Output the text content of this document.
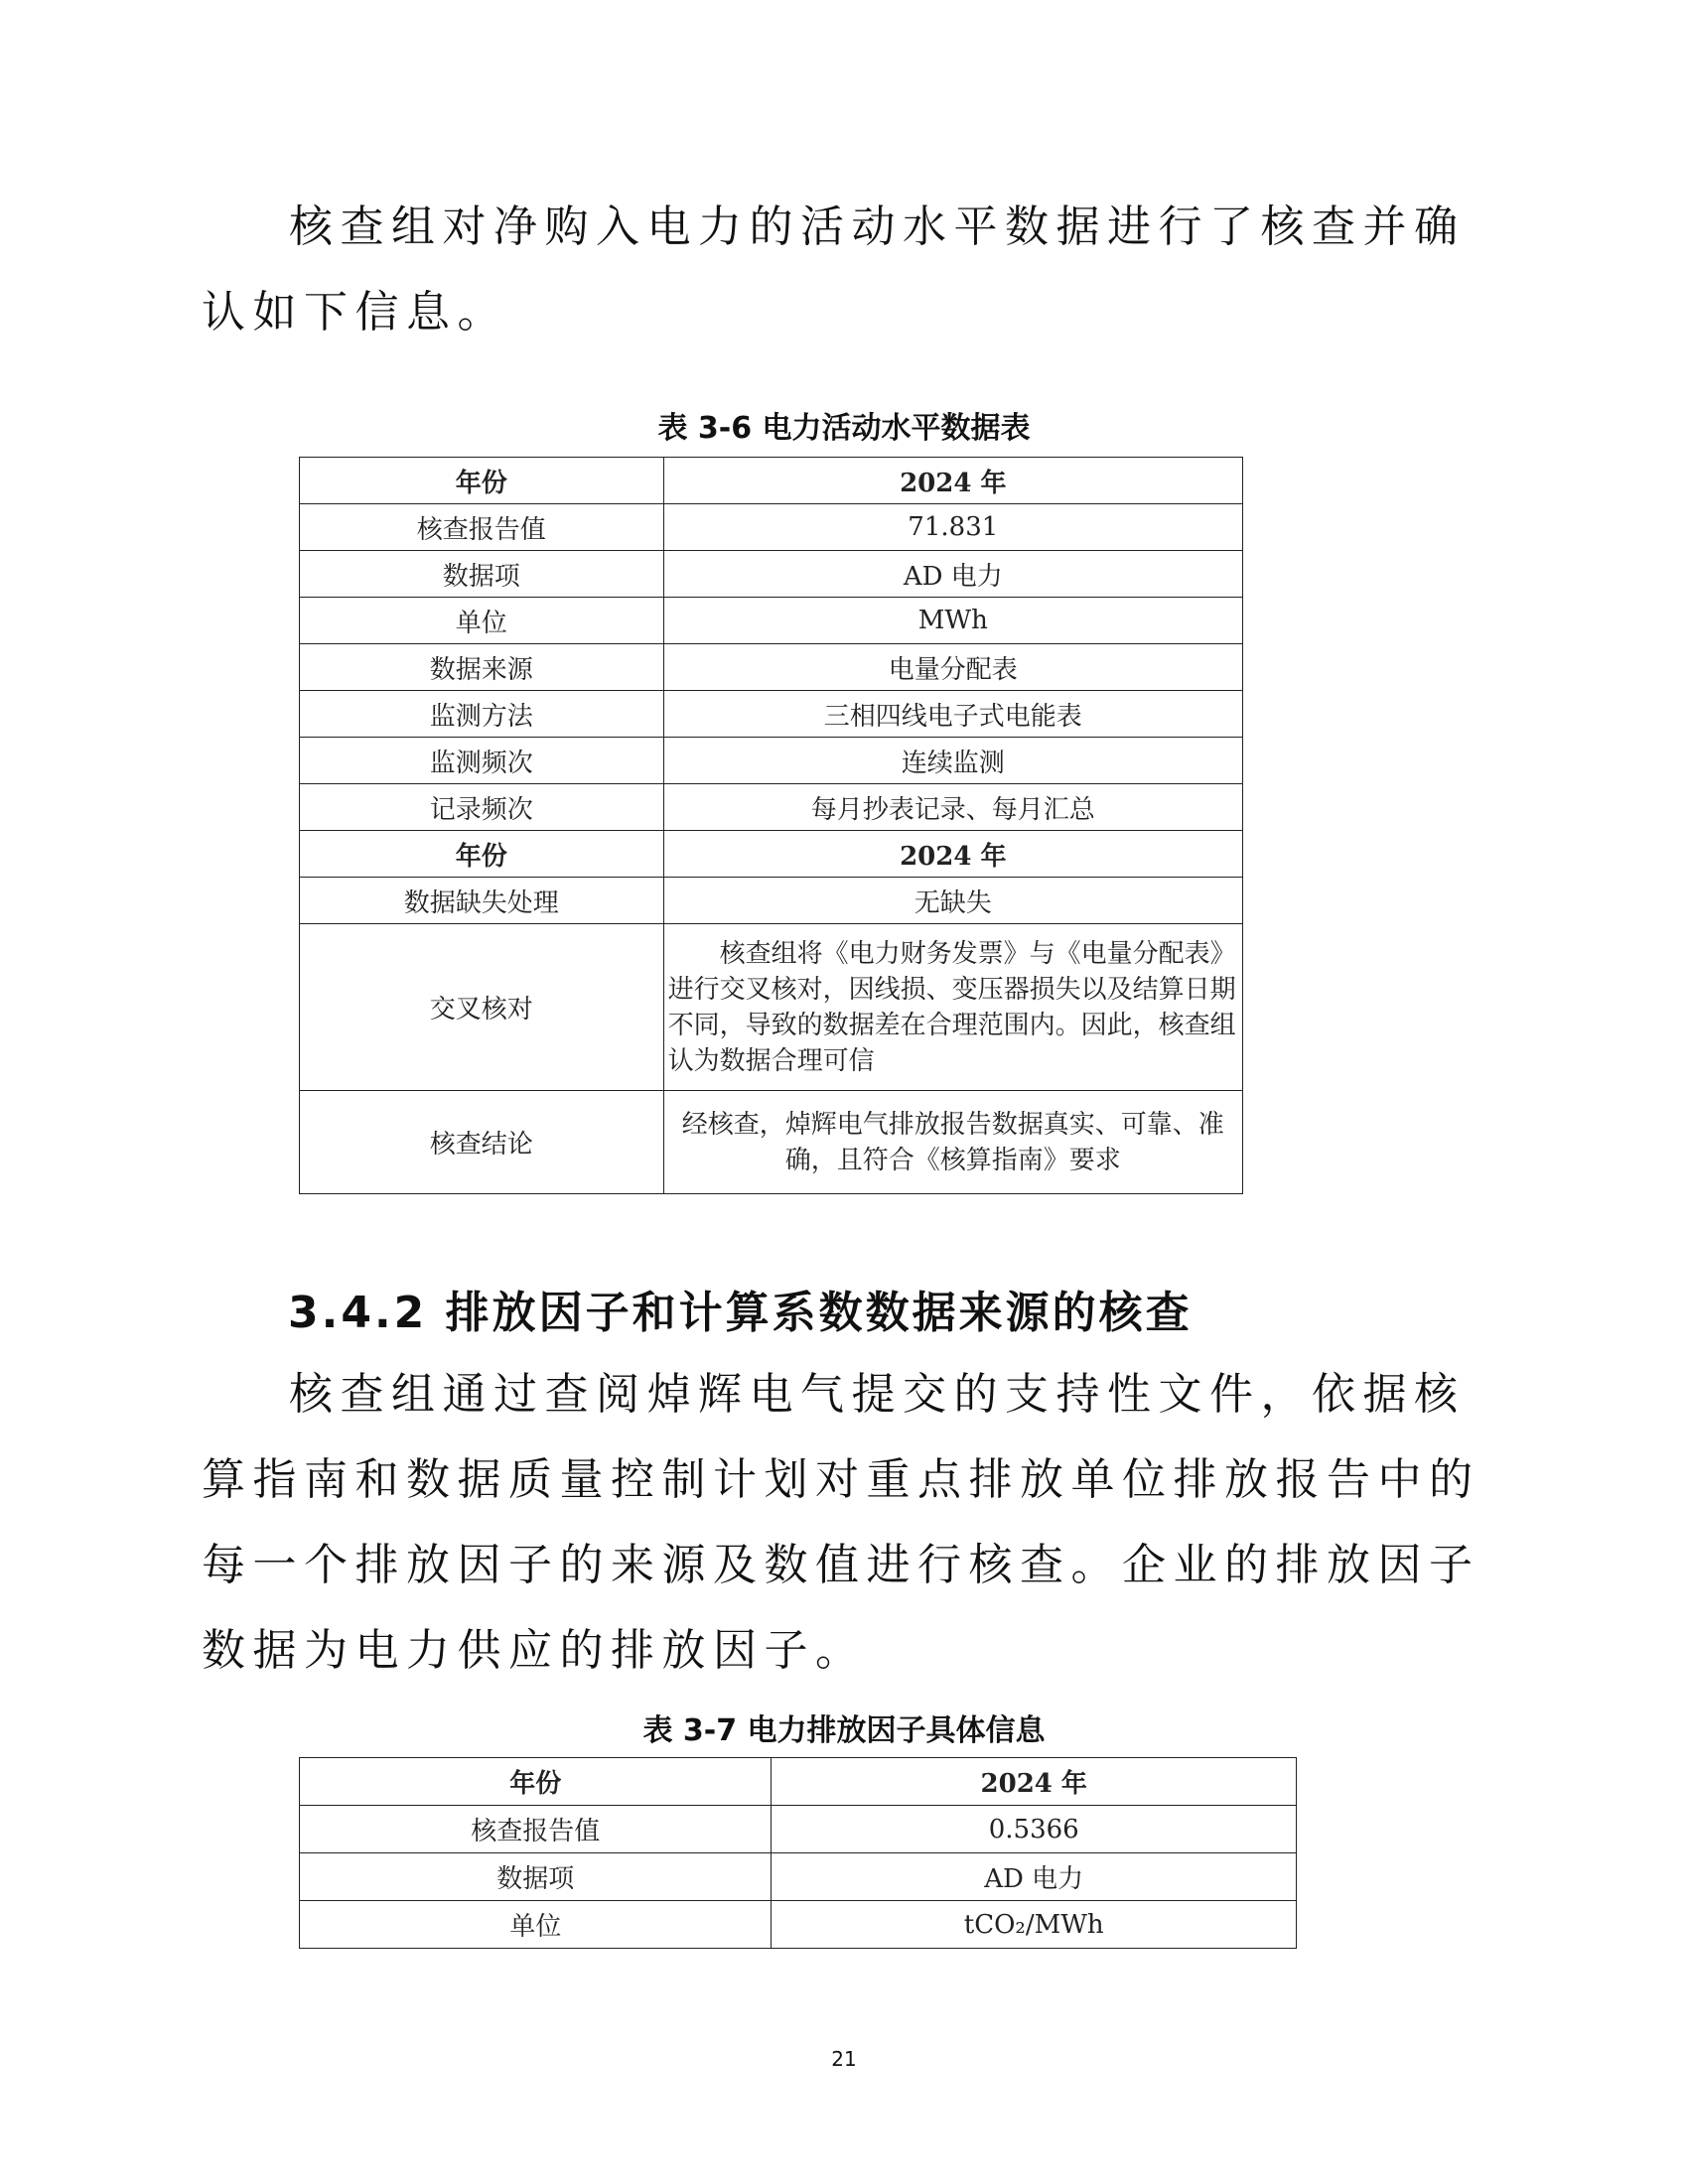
核查组对净购入电力的活动水平数据进行了核查并确认如下信息。

表 3-6 电力活动水平数据表

年份	2024 年
核查报告值	71.831
数据项	AD 电力
单位	MWh
数据来源	电量分配表
监测方法	三相四线电子式电能表
监测频次	连续监测
记录频次	每月抄表记录、每月汇总
年份	2024 年
数据缺失处理	无缺失
交叉核对	核查组将《电力财务发票》与《电量分配表》进行交叉核对，因线损、变压器损失以及结算日期不同，导致的数据差在合理范围内。因此，核查组认为数据合理可信
核查结论	经核查，焯辉电气排放报告数据真实、可靠、准确，且符合《核算指南》要求
3.4.2 排放因子和计算系数数据来源的核查

核查组通过查阅焯辉电气提交的支持性文件，依据核算指南和数据质量控制计划对重点排放单位排放报告中的每一个排放因子的来源及数值进行核查。企业的排放因子数据为电力供应的排放因子。

表 3-7 电力排放因子具体信息

年份	2024 年
核查报告值	0.5366
数据项	AD 电力
单位	tCO₂/MWh

21
